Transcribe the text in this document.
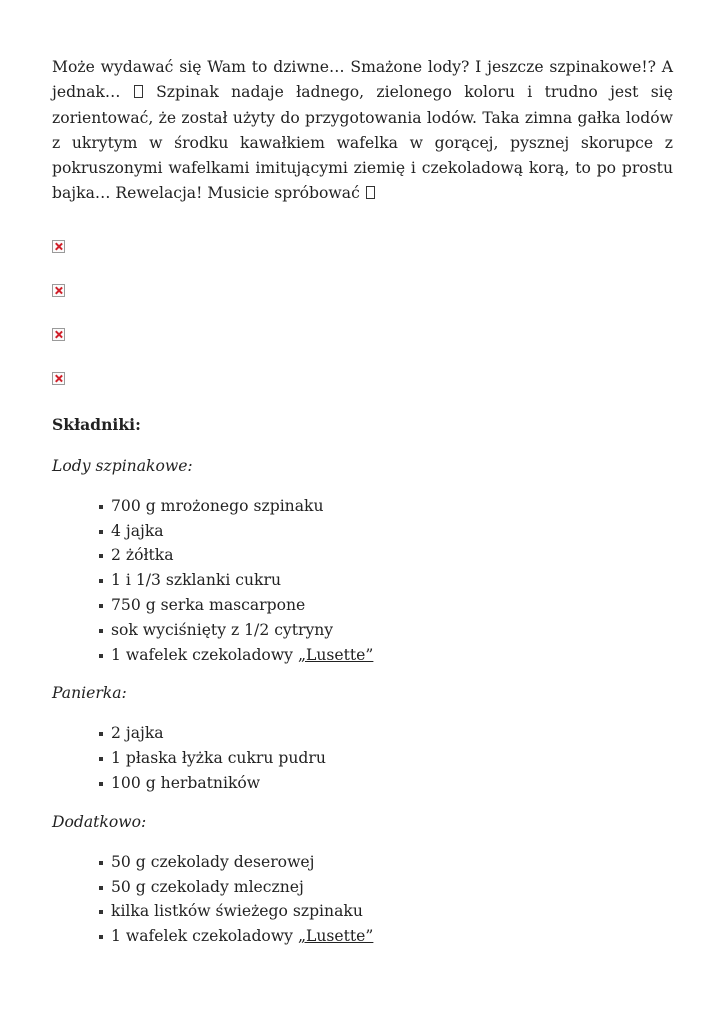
Może wydawać się Wam to dziwne… Smażone lody? I jeszcze szpinakowe!? A jednak… Szpinak nadaje ładnego, zielonego koloru i trudno jest się zorientować, że został użyty do przygotowania lodów. Taka zimna gałka lodów z ukrytym w środku kawałkiem wafelka w gorącej, pysznej skorupce z pokruszonymi wafelkami imitującymi ziemię i czekoladową korą, to po prostu bajka… Rewelacja! Musicie spróbować

Składniki:

Lody szpinakowe:

700 g mrożonego szpinaku
4 jajka
2 żółtka
1 i 1/3 szklanki cukru
750 g serka mascarpone
sok wyciśnięty z 1/2 cytryny
1 wafelek czekoladowy „Lusette”

Panierka:

2 jajka
1 płaska łyżka cukru pudru
100 g herbatników

Dodatkowo:

50 g czekolady deserowej
50 g czekolady mlecznej
kilka listków świeżego szpinaku
1 wafelek czekoladowy „Lusette”
